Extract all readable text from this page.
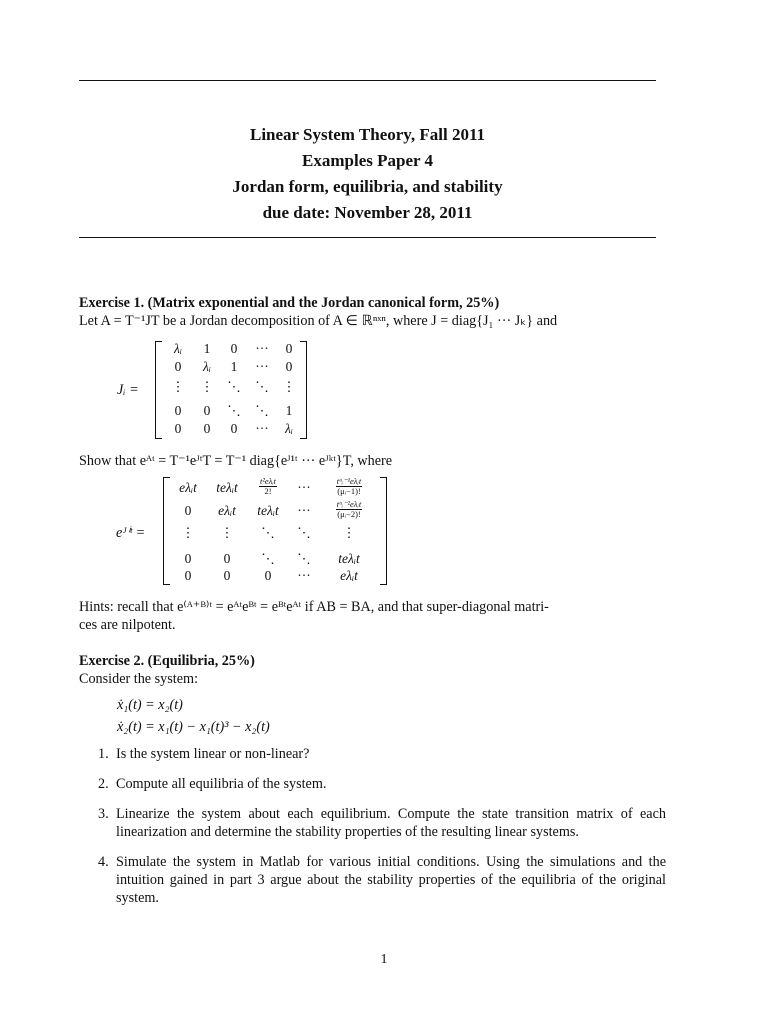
Linear System Theory, Fall 2011
Examples Paper 4
Jordan form, equilibria, and stability
due date: November 28, 2011
Exercise 1. (Matrix exponential and the Jordan canonical form, 25%)
Let A = T⁻¹JT be a Jordan decomposition of A ∈ ℝⁿˣⁿ, where J = diag{J₁ ··· Jₖ} and
Jᵢ =
λᵢ	1	0	···	0
0	λᵢ	1	···	0
⋮	⋮	⋱	⋱	⋮
0	0	⋱	⋱	1
0	0	0	···	λᵢ
Show that eᴬᵗ = T⁻¹eᴶᵗT = T⁻¹ diag{eᴶ¹ᵗ ··· eᴶᵏᵗ}T, where
eᴶⁱᵗ =
eλᵢt	teλᵢt	$\frac{\text{t²eλᵢt}}{2!}$	···	$\frac{\text{tᵘᵢ⁻¹eλᵢt}}{\text{(μᵢ−1)!}}$
0	eλᵢt	teλᵢt	···	$\frac{\text{tᵘᵢ⁻²eλᵢt}}{\text{(μᵢ−2)!}}$
⋮	⋮	⋱	⋱	⋮
0	0	⋱	⋱	teλᵢt
0	0	0	···	eλᵢt
Hints: recall that e⁽ᴬ⁺ᴮ⁾ᵗ = eᴬᵗeᴮᵗ = eᴮᵗeᴬᵗ if AB = BA, and that super-diagonal matri-
ces are nilpotent.
Exercise 2. (Equilibria, 25%)
Consider the system:
ẋ₁(t) = x₂(t)
ẋ₂(t) = x₁(t) − x₁(t)³ − x₂(t)
1. Is the system linear or non-linear?
2. Compute all equilibria of the system.
3. Linearize the system about each equilibrium. Compute the state transition matrix of each linearization and determine the stability properties of the resulting linear systems.
4. Simulate the system in Matlab for various initial conditions. Using the simulations and the intuition gained in part 3 argue about the stability properties of the equilibria of the original system.
1
